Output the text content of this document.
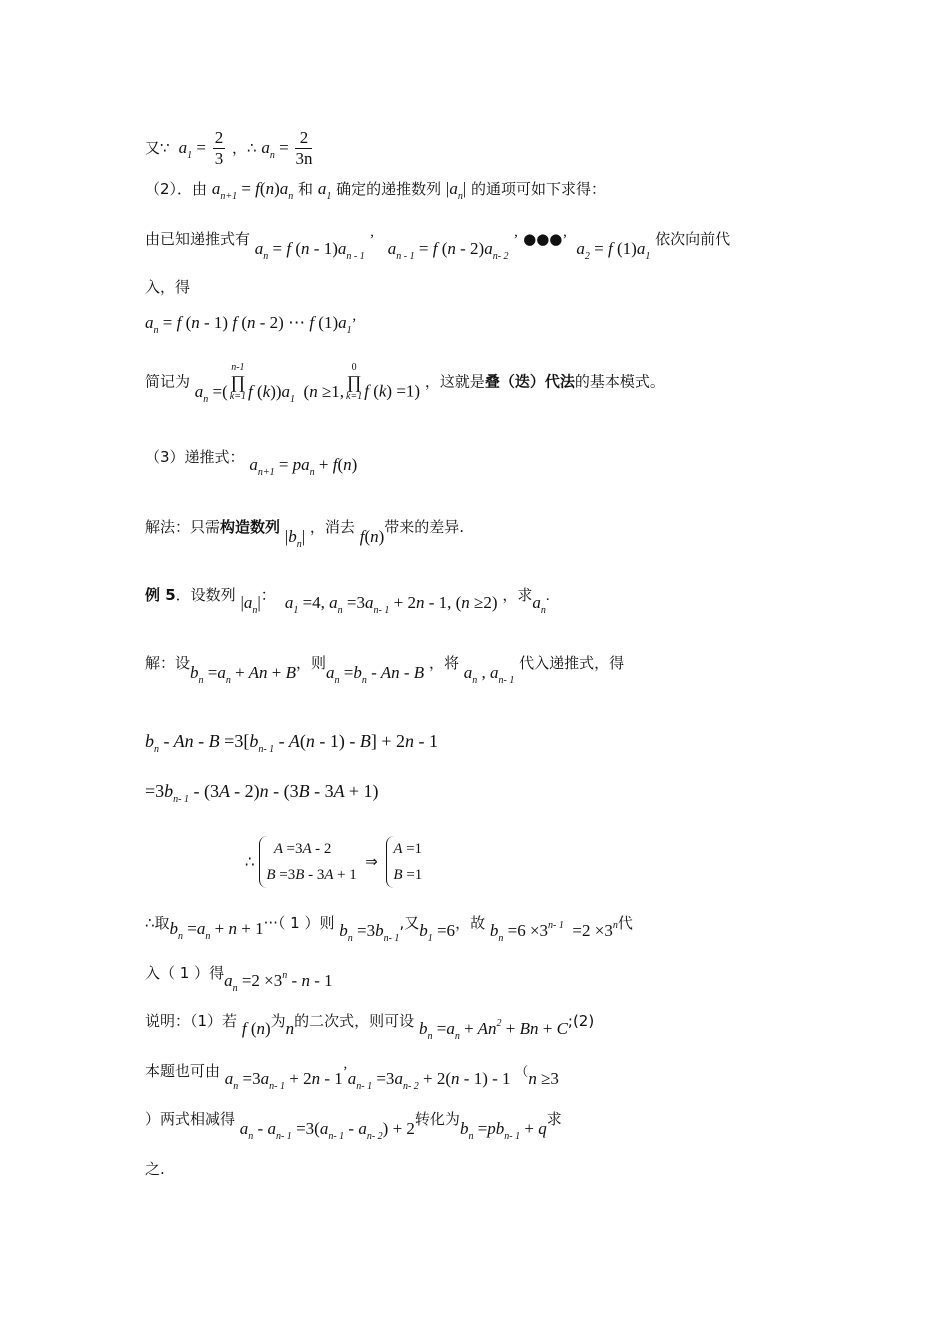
又∵  $a_1 = \frac{2}{3}$ ，∴ $a_n = \frac{2}{3n}$
（2）．由 $a_{n+1} = f(n)a_n$ 和 $a_1$ 确定的递推数列 $|a_n|$ 的通项可如下求得：
由已知递推式有 $a_n = f$ $(n - 1)a_{n - 1}$ ’   $a_{n - 1} = f$ $(n - 2)a_{n- 2}$ ’ ●●●’  $a_2 = f$ $(1)a_1$ 依次向前代
入，得
$a_n = f$ (n - 1) f (n - 2) ⋯ f $(1)a_1$’
简记为 $a_n =(n-1$
∏
k=1 f $(k))a_1$ (n ≥1,0
∏
k=1 f (k) =1) ，这就是叠（迭）代法的基本模式。
（3）递推式： $a_{n+1} = pa_n + f(n)$
解法：只需构造数列 $|b_n|$ ，消去 f(n)带来的差异.
例 5．设数列 $|a_n|$：  $a_1 =4$, $a_n =3a_{n- 1} + 2n - 1$, (n ≥2) ，求$a_n$.
解：设$b_n =a_n + An + B$，则$a_n =b_n - An - B$ ，将 $a_n$ , $a_{n- 1}$ 代入递推式，得
$b_n - An - B =3[b_{n- 1} - A(n - 1) - B] + 2n - 1$
$=3b_{n- 1} - (3A - 2)n - (3B - 3A + 1)$
∴   A =3A - 2
B =3B - 3A + 1  ⇒  A =1
B =1
∴取$b_n =a_n + n + 1\cdot\cdot\cdot$（ 1 ）则 $b_n =3b_{n- 1}$,又$b_1 =6$，故 $b_n =6 \times 3^{n- 1} =2 \times 3^n$代
入（ 1 ）得$a_n =2 \times 3^n - n - 1$
说明：（1）若 f (n)为n的二次式，则可设 $b_n =a_n + An^2 + Bn$ + C;(2)
本题也可由 $a_n =3a_{n- 1} + 2n$ - $1’a_{n- 1} =3a_{n- 2} + 2(n - 1) - 1$ （n ≥3
）两式相减得 $a_n - a_{n- 1} =3(a_{n- 1} - a_{n- 2}) + 2$转化为$b_n =pb_{n- 1} + q$求
之.
